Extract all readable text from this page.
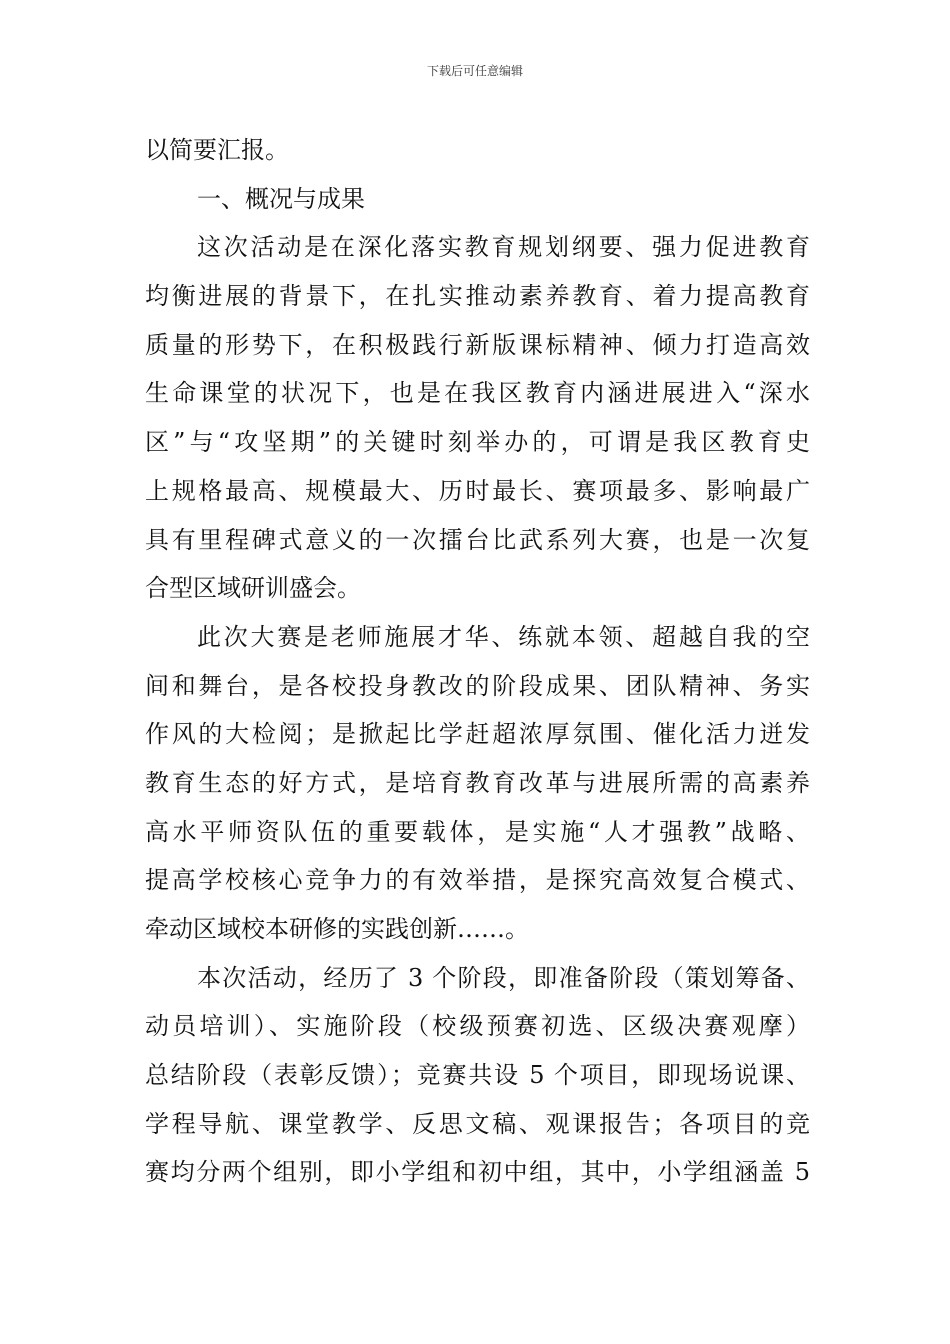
下载后可任意编辑
以简要汇报。
一、概况与成果
这次活动是在深化落实教育规划纲要、强力促进教育
均衡进展的背景下，在扎实推动素养教育、着力提高教育
质量的形势下，在积极践行新版课标精神、倾力打造高效
生命课堂的状况下，也是在我区教育内涵进展进入“深水
区”与“攻坚期”的关键时刻举办的，可谓是我区教育史
上规格最高、规模最大、历时最长、赛项最多、影响最广
具有里程碑式意义的一次擂台比武系列大赛，也是一次复
合型区域研训盛会。
此次大赛是老师施展才华、练就本领、超越自我的空
间和舞台，是各校投身教改的阶段成果、团队精神、务实
作风的大检阅；是掀起比学赶超浓厚氛围、催化活力迸发
教育生态的好方式，是培育教育改革与进展所需的高素养
高水平师资队伍的重要载体，是实施“人才强教”战略、
提高学校核心竞争力的有效举措，是探究高效复合模式、
牵动区域校本研修的实践创新……。
本次活动，经历了 3 个阶段，即准备阶段（策划筹备、
动员培训）、实施阶段（校级预赛初选、区级决赛观摩）
总结阶段（表彰反馈）；竞赛共设 5 个项目，即现场说课、
学程导航、课堂教学、反思文稿、观课报告；各项目的竞
赛均分两个组别，即小学组和初中组，其中，小学组涵盖 5
